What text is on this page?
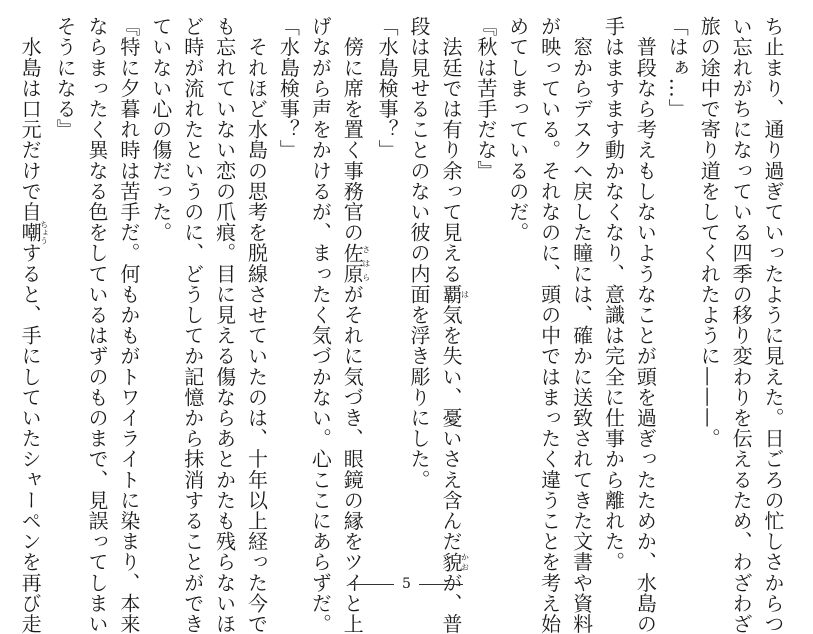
ち止まり、通り過ぎていったように見えた。日ごろの忙しさからつ
い忘れがちになっている四季の移り変わりを伝えるため、わざわざ
旅の途中で寄り道をしてくれたように———。
「はぁ…」
　普段なら考えもしないようなことが頭を過ぎったためか、水島の
手はますます動かなくなり、意識は完全に仕事から離れた。
　窓からデスクへ戻した瞳には、確かに送致されてきた文書や資料
が映っている。それなのに、頭の中ではまったく違うことを考え始
めてしまっているのだ。
『秋は苦手だな』
　法廷では有り余って見える覇は気を失い、憂いさえ含んだ貌かおが、普
段は見せることのない彼の内面を浮き彫りにした。
「水島検事？」
　傍に席を置く事務官の佐原さはらがそれに気づき、眼鏡の縁をツイと上
げながら声をかけるが、まったく気づかない。心ここにあらずだ。
「水島検事？」
　それほど水島の思考を脱線させていたのは、十年以上経った今で
も忘れていない恋の爪痕。目に見える傷ならあとかたも残らないほ
ど時が流れたというのに、どうしてか記憶から抹消することができ
ていない心の傷だった。
『特に夕暮れ時は苦手だ。何もかもがトワイライトに染まり、本来
ならまったく異なる色をしているはずのものまで、見誤ってしまい
そうになる』
　水島は口元だけで自嘲ちょうすると、手にしていたシャーペンを再び走	5
